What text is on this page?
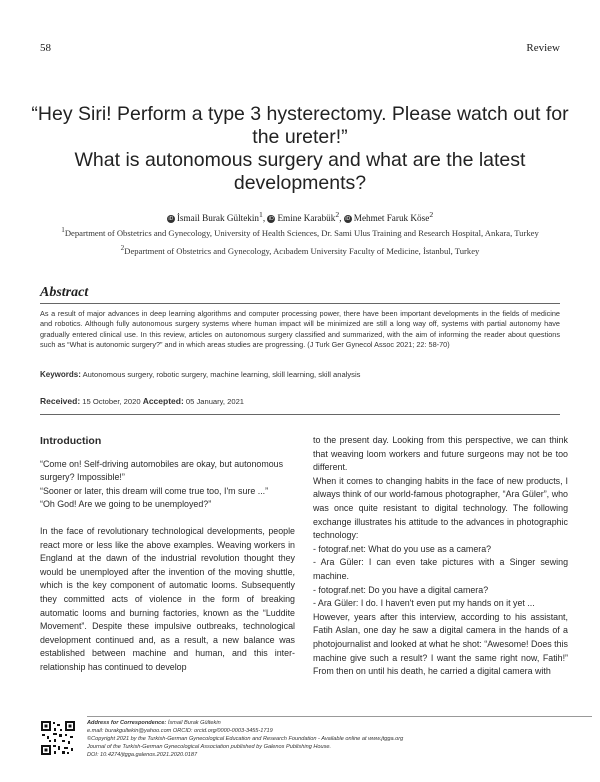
58	Review
“Hey Siri! Perform a type 3 hysterectomy. Please watch out for the ureter!”
What is autonomous surgery and what are the latest developments?
iD İsmail Burak Gültekin$^1$, iD Emine Karabük$^2$, iD Mehmet Faruk Köse$^2$

$^1$Department of Obstetrics and Gynecology, University of Health Sciences, Dr. Sami Ulus Training and Research Hospital, Ankara, Turkey

$^2$Department of Obstetrics and Gynecology, Acıbadem University Faculty of Medicine, İstanbul, Turkey

Abstract
As a result of major advances in deep learning algorithms and computer processing power, there have been important developments in the fields of medicine and robotics. Although fully autonomous surgery systems where human impact will be minimized are still a long way off, systems with partial autonomy have gradually entered clinical use. In this review, articles on autonomous surgery classified and summarized, with the aim of informing the reader about questions such as “What is autonomic surgery?” and in which areas studies are progressing. (J Turk Ger Gynecol Assoc 2021; 22: 58-70)
Keywords: Autonomous surgery, robotic surgery, machine learning, skill learning, skill analysis
Received: 15 October, 2020 Accepted: 05 January, 2021
Introduction

“Come on! Self-driving automobiles are okay, but autonomous surgery? Impossible!”

“Sooner or later, this dream will come true too, I'm sure ...”

“Oh God! Are we going to be unemployed?”

In the face of revolutionary technological developments, people react more or less like the above examples. Weaving workers in England at the dawn of the industrial revolution thought they would be unemployed after the invention of the moving shuttle, which is the key component of automatic looms. Subsequently they committed acts of violence in the form of breaking automatic looms and burning factories, known as the “Luddite Movement”. Despite these impulsive outbreaks, technological development continued and, as a result, a new balance was established between machine and human, and this inter-relationship has continued to develop

to the present day. Looking from this perspective, we can think that weaving loom workers and future surgeons may not be too different.

When it comes to changing habits in the face of new products, I always think of our world-famous photographer, “Ara Güler”, who was once quite resistant to digital technology. The following exchange illustrates his attitude to the advances in photographic technology:

- fotograf.net: What do you use as a camera?

- Ara Güler: I can even take pictures with a Singer sewing machine.

- fotograf.net: Do you have a digital camera?

- Ara Güler: I do. I haven't even put my hands on it yet ...

However, years after this interview, according to his assistant, Fatih Aslan, one day he saw a digital camera in the hands of a photojournalist and looked at what he shot: “Awesome! Does this machine give such a result? I want the same right now, Fatih!” From then on until his death, he carried a digital camera with

Address for Correspondence: İsmail Burak Gültekin
e.mail: burakgultekin@yahoo.com ORCID: orcid.org/0000-0003-3455-1719
©Copyright 2021 by the Turkish-German Gynecological Education and Research Foundation - Available online at www.jtgga.org
Journal of the Turkish-German Gynecological Association published by Galenos Publishing House.
DOI: 10.4274/jtgga.galenos.2021.2020.0187
